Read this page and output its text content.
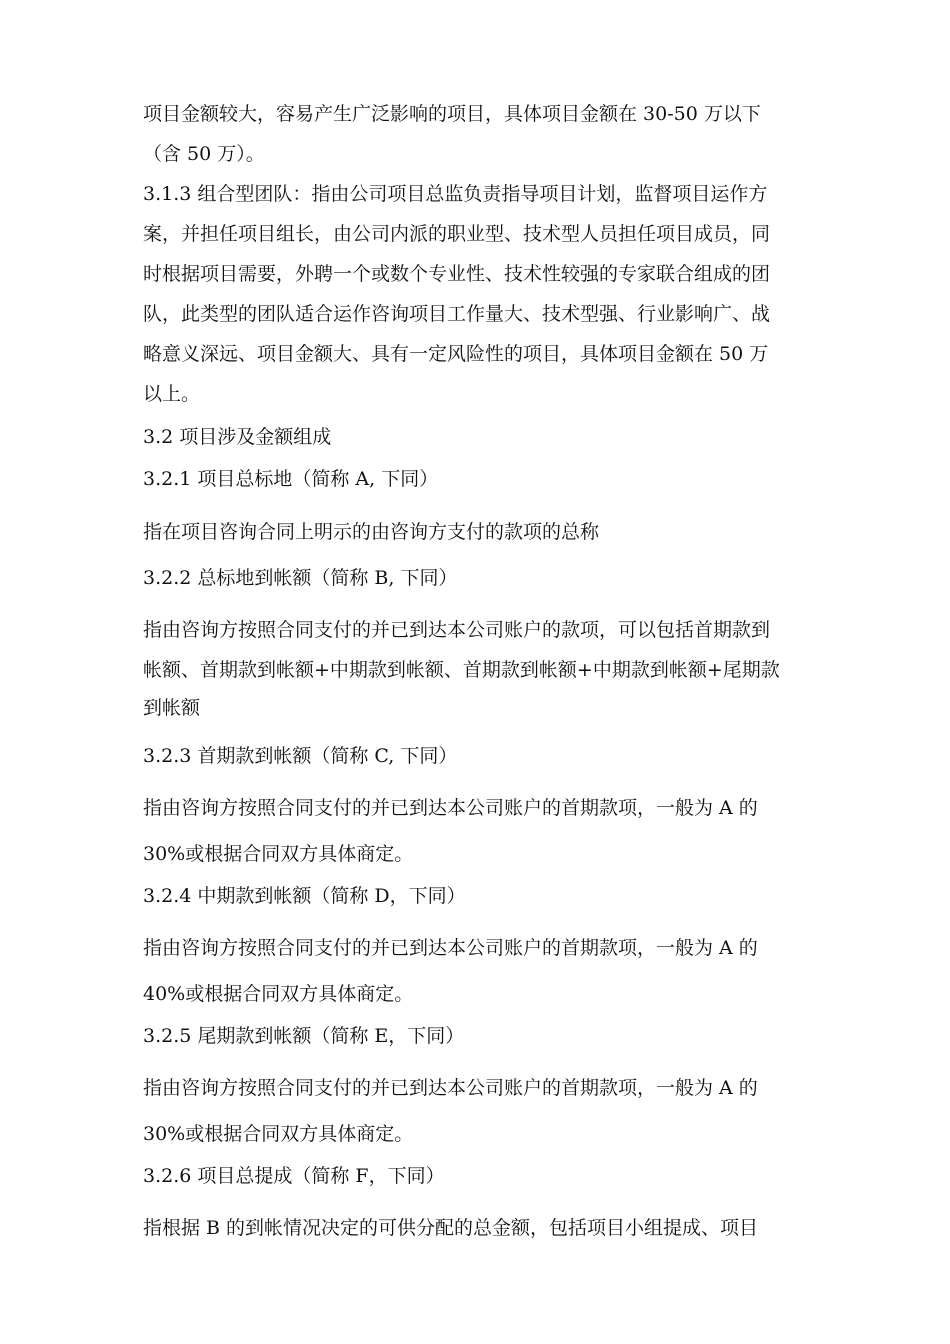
项目金额较大，容易产生广泛影响的项目，具体项目金额在 30-50 万以下
（含 50 万）。
3.1.3 组合型团队：指由公司项目总监负责指导项目计划，监督项目运作方
案，并担任项目组长，由公司内派的职业型、技术型人员担任项目成员，同
时根据项目需要，外聘一个或数个专业性、技术性较强的专家联合组成的团
队，此类型的团队适合运作咨询项目工作量大、技术型强、行业影响广、战
略意义深远、项目金额大、具有一定风险性的项目，具体项目金额在 50 万
以上。
3.2 项目涉及金额组成
3.2.1 项目总标地（简称 A, 下同）
指在项目咨询合同上明示的由咨询方支付的款项的总称
3.2.2 总标地到帐额（简称 B, 下同）
指由咨询方按照合同支付的并已到达本公司账户的款项，可以包括首期款到
帐额、首期款到帐额+中期款到帐额、首期款到帐额+中期款到帐额+尾期款
到帐额
3.2.3 首期款到帐额（简称 C, 下同）
指由咨询方按照合同支付的并已到达本公司账户的首期款项，一般为 A 的
30%或根据合同双方具体商定。
3.2.4 中期款到帐额（简称 D，下同）
指由咨询方按照合同支付的并已到达本公司账户的首期款项，一般为 A 的
40%或根据合同双方具体商定。
3.2.5 尾期款到帐额（简称 E，下同）
指由咨询方按照合同支付的并已到达本公司账户的首期款项，一般为 A 的
30%或根据合同双方具体商定。
3.2.6 项目总提成（简称 F，下同）
指根据 B 的到帐情况决定的可供分配的总金额，包括项目小组提成、项目
